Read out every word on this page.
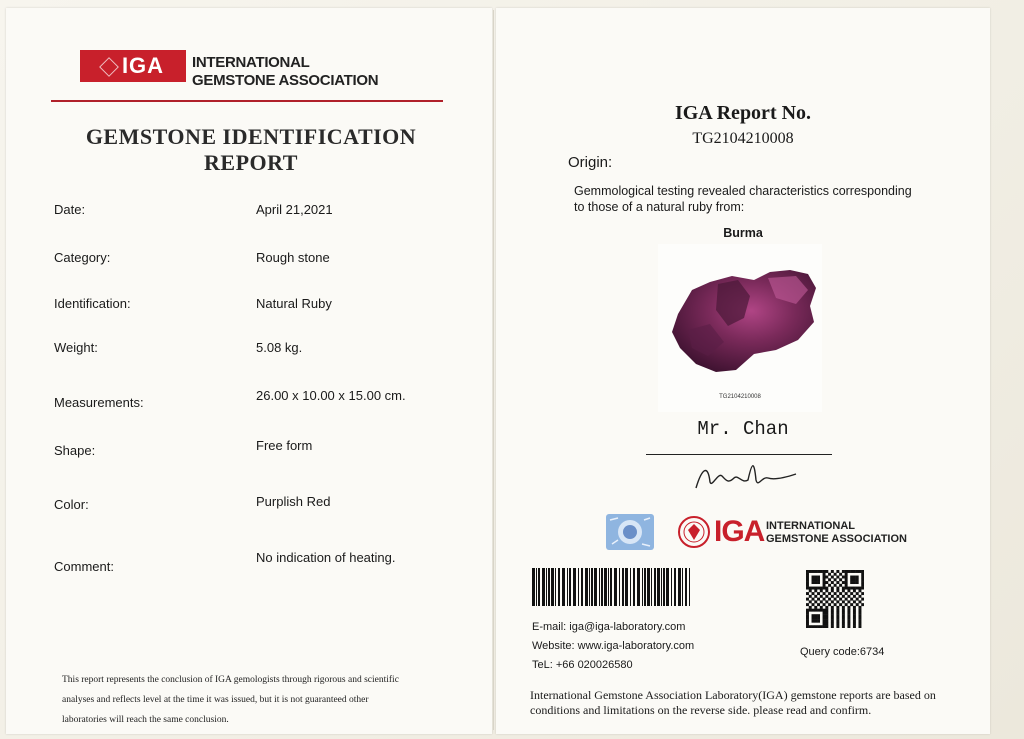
IGA	INTERNATIONAL
GEMSTONE ASSOCIATION
GEMSTONE IDENTIFICATION
REPORT
Date:	April 21,2021
Category:	Rough stone
Identification:	Natural Ruby
Weight:	5.08 kg.
Measurements:	26.00 x 10.00 x 15.00 cm.
Shape:	Free form
Color:	Purplish Red
Comment:
No indication of heating.
This report represents the conclusion of IGA gemologists through rigorous and scientific
analyses and reflects level at the time it was issued, but it is not guaranteed other
laboratories will reach the same conclusion.
IGA Report No.
TG2104210008
Origin:
Gemmological testing revealed characteristics corresponding
to those of a natural ruby from:
Burma
TG2104210008
Mr. Chan
IGA INTERNATIONAL
GEMSTONE ASSOCIATION
E-mail: iga@iga-laboratory.com
Website: www.iga-laboratory.com
TeL: +66 020026580
Query code:6734
International Gemstone Association Laboratory(IGA) gemstone reports are based on
conditions and limitations on the reverse side. please read and confirm.
